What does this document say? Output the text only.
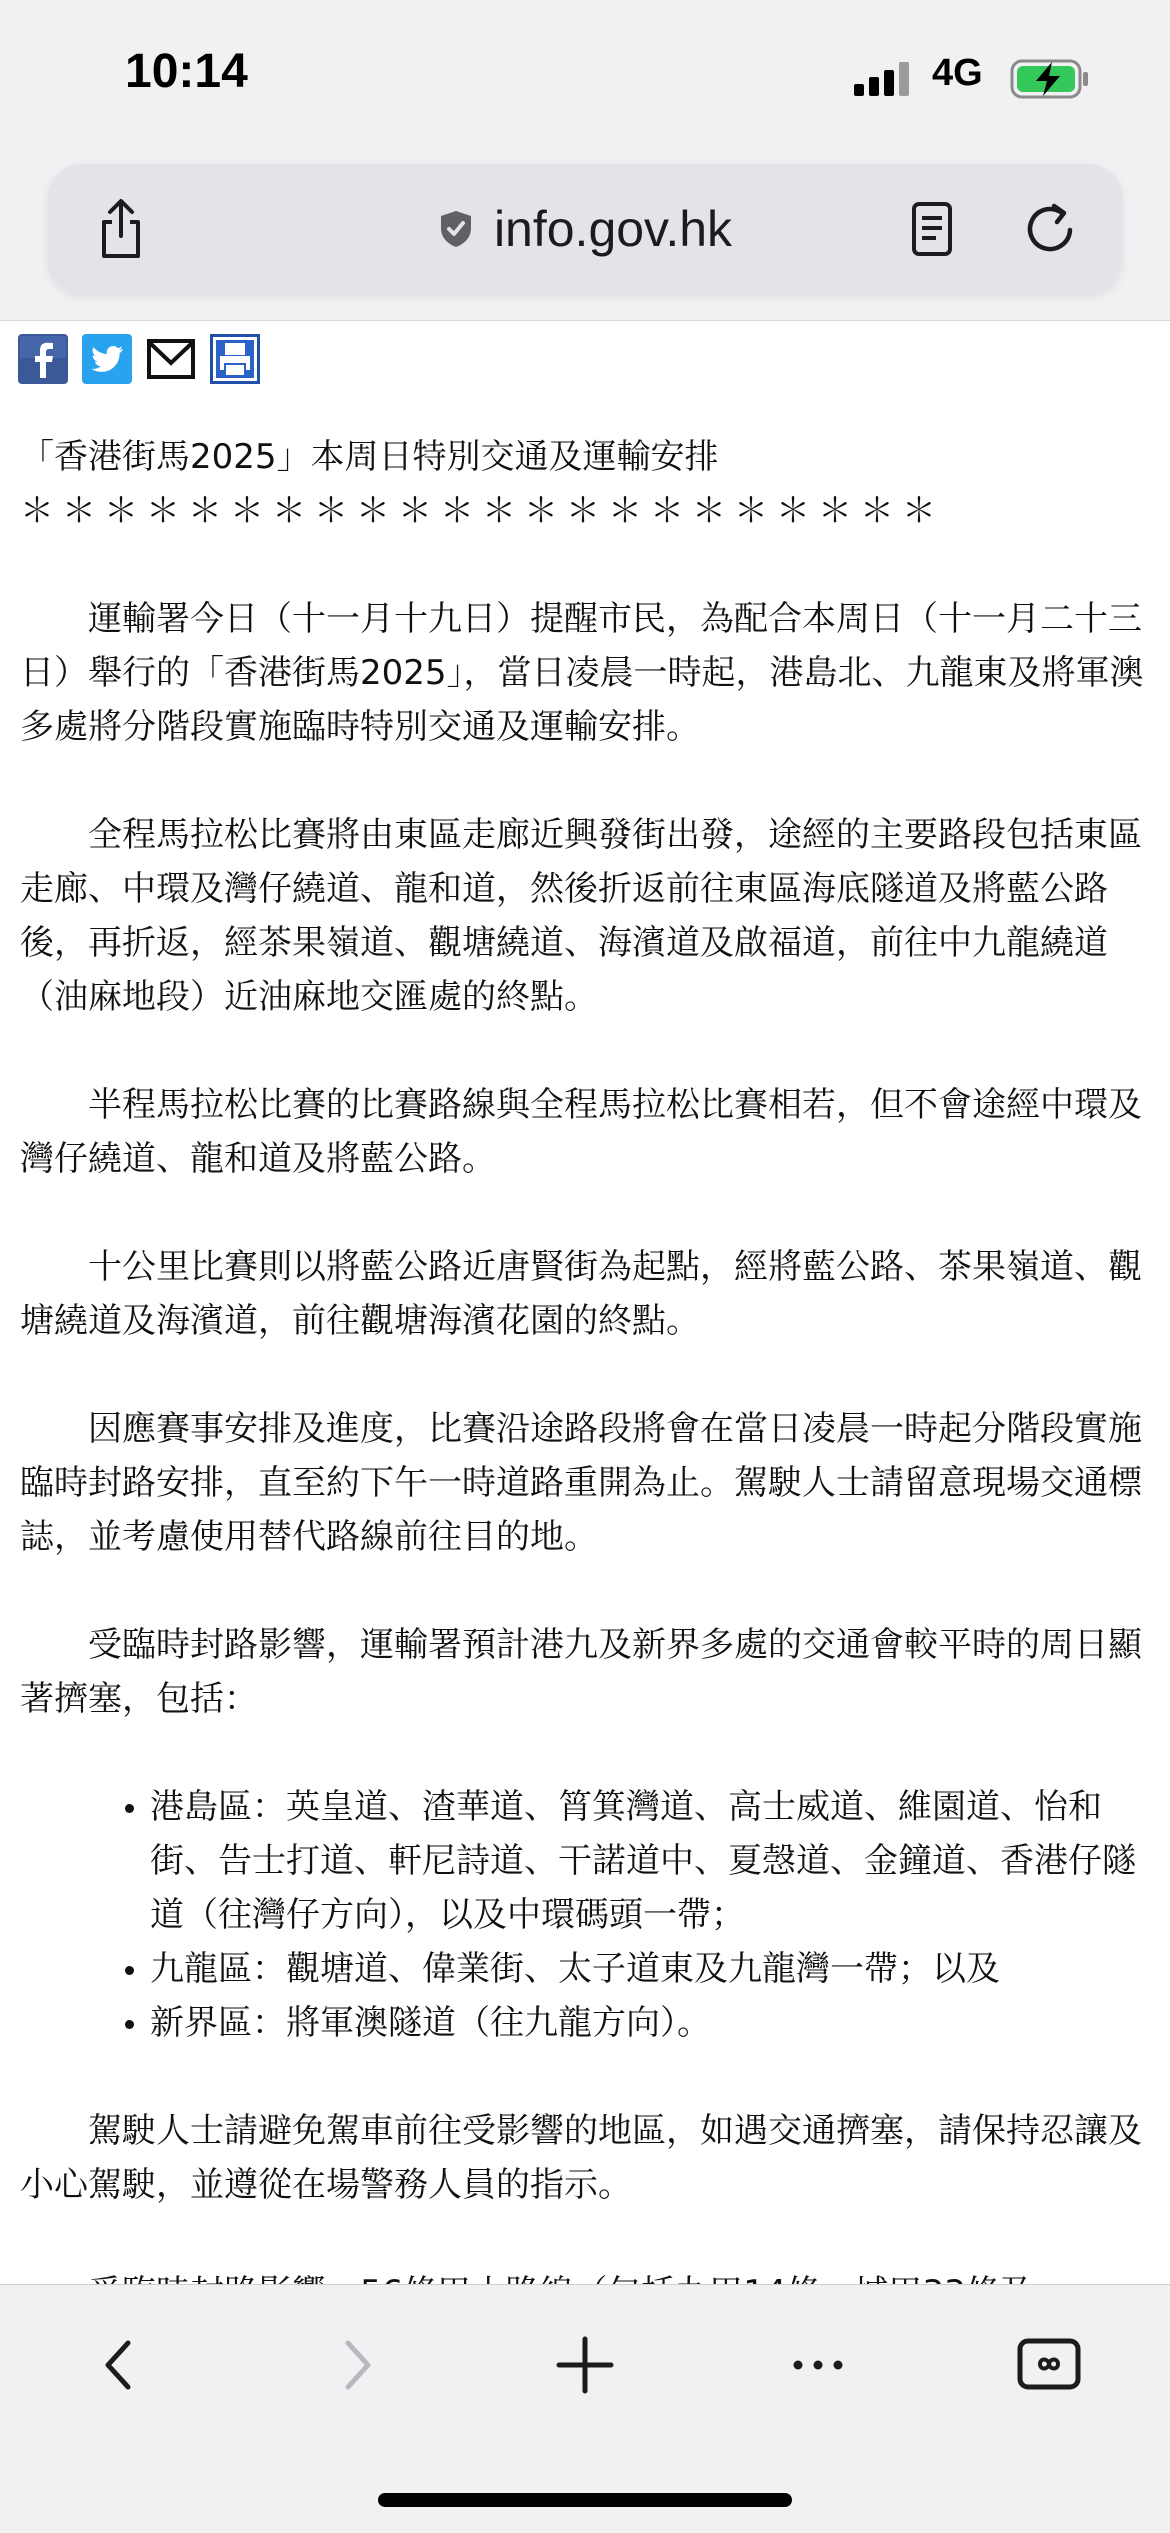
「香港街馬2025」本周日特別交通及運輸安排

＊＊＊＊＊＊＊＊＊＊＊＊＊＊＊＊＊＊＊＊＊＊

運輸署今日（十一月十九日）提醒市民，為配合本周日（十一月二十三日）舉行的「香港街馬2025」，當日凌晨一時起，港島北、九龍東及將軍澳多處將分階段實施臨時特別交通及運輸安排。

全程馬拉松比賽將由東區走廊近興發街出發，途經的主要路段包括東區走廊、中環及灣仔繞道、龍和道，然後折返前往東區海底隧道及將藍公路後，再折返，經茶果嶺道、觀塘繞道、海濱道及啟福道，前往中九龍繞道（油麻地段）近油麻地交匯處的終點。

半程馬拉松比賽的比賽路線與全程馬拉松比賽相若，但不會途經中環及灣仔繞道、龍和道及將藍公路。

十公里比賽則以將藍公路近唐賢街為起點，經將藍公路、茶果嶺道、觀塘繞道及海濱道，前往觀塘海濱花園的終點。

因應賽事安排及進度，比賽沿途路段將會在當日凌晨一時起分階段實施臨時封路安排，直至約下午一時道路重開為止。駕駛人士請留意現場交通標誌，並考慮使用替代路線前往目的地。

受臨時封路影響，運輸署預計港九及新界多處的交通會較平時的周日顯著擠塞，包括：

• 港島區：英皇道、渣華道、筲箕灣道、高士威道、維園道、怡和街、告士打道、軒尼詩道、干諾道中、夏愨道、金鐘道、香港仔隧道（往灣仔方向），以及中環碼頭一帶；
• 九龍區：觀塘道、偉業街、太子道東及九龍灣一帶；以及
• 新界區：將軍澳隧道（往九龍方向）。

駕駛人士請避免駕車前往受影響的地區，如遇交通擠塞，請保持忍讓及小心駕駛，並遵從在場警務人員的指示。

10:14	4G
info.gov.hk
